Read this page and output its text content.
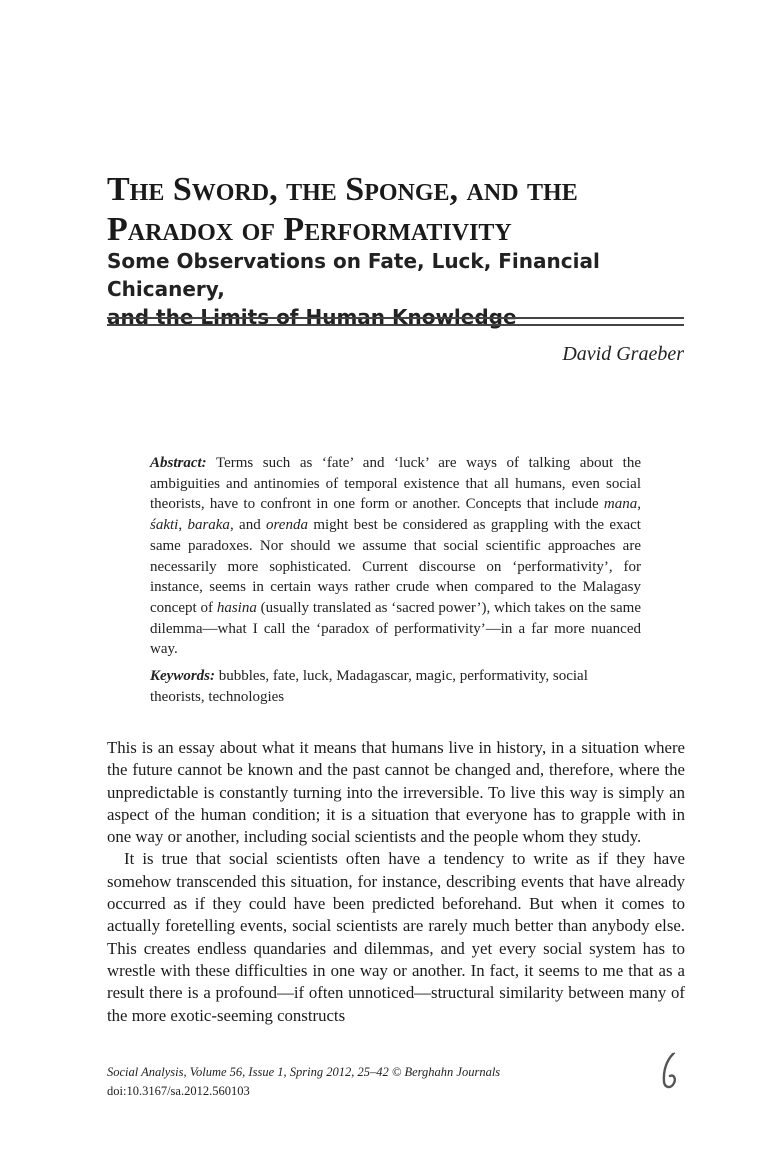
The Sword, the Sponge, and the
Paradox of Performativity
Some Observations on Fate, Luck, Financial Chicanery,
and the Limits of Human Knowledge

David Graeber

Abstract: Terms such as ‘fate’ and ‘luck’ are ways of talking about the ambiguities and antinomies of temporal existence that all humans, even social theorists, have to confront in one form or another. Concepts that include mana, śakti, baraka, and orenda might best be considered as grappling with the exact same paradoxes. Nor should we assume that social scientific approaches are necessarily more sophisticated. Current discourse on ‘performativity’, for instance, seems in certain ways rather crude when compared to the Malagasy concept of hasina (usually translated as ‘sacred power’), which takes on the same dilemma—what I call the ‘paradox of performativity’—in a far more nuanced way.

Keywords: bubbles, fate, luck, Madagascar, magic, performativity, social theorists, technologies

This is an essay about what it means that humans live in history, in a situation where the future cannot be known and the past cannot be changed and, therefore, where the unpredictable is constantly turning into the irreversible. To live this way is simply an aspect of the human condition; it is a situation that everyone has to grapple with in one way or another, including social scientists and the people whom they study.

It is true that social scientists often have a tendency to write as if they have somehow transcended this situation, for instance, describing events that have already occurred as if they could have been predicted beforehand. But when it comes to actually foretelling events, social scientists are rarely much better than anybody else. This creates endless quandaries and dilemmas, and yet every social system has to wrestle with these difficulties in one way or another. In fact, it seems to me that as a result there is a profound—if often unnoticed—structural similarity between many of the more exotic-seeming constructs

Social Analysis, Volume 56, Issue 1, Spring 2012, 25–42 © Berghahn Journals
doi:10.3167/sa.2012.560103
